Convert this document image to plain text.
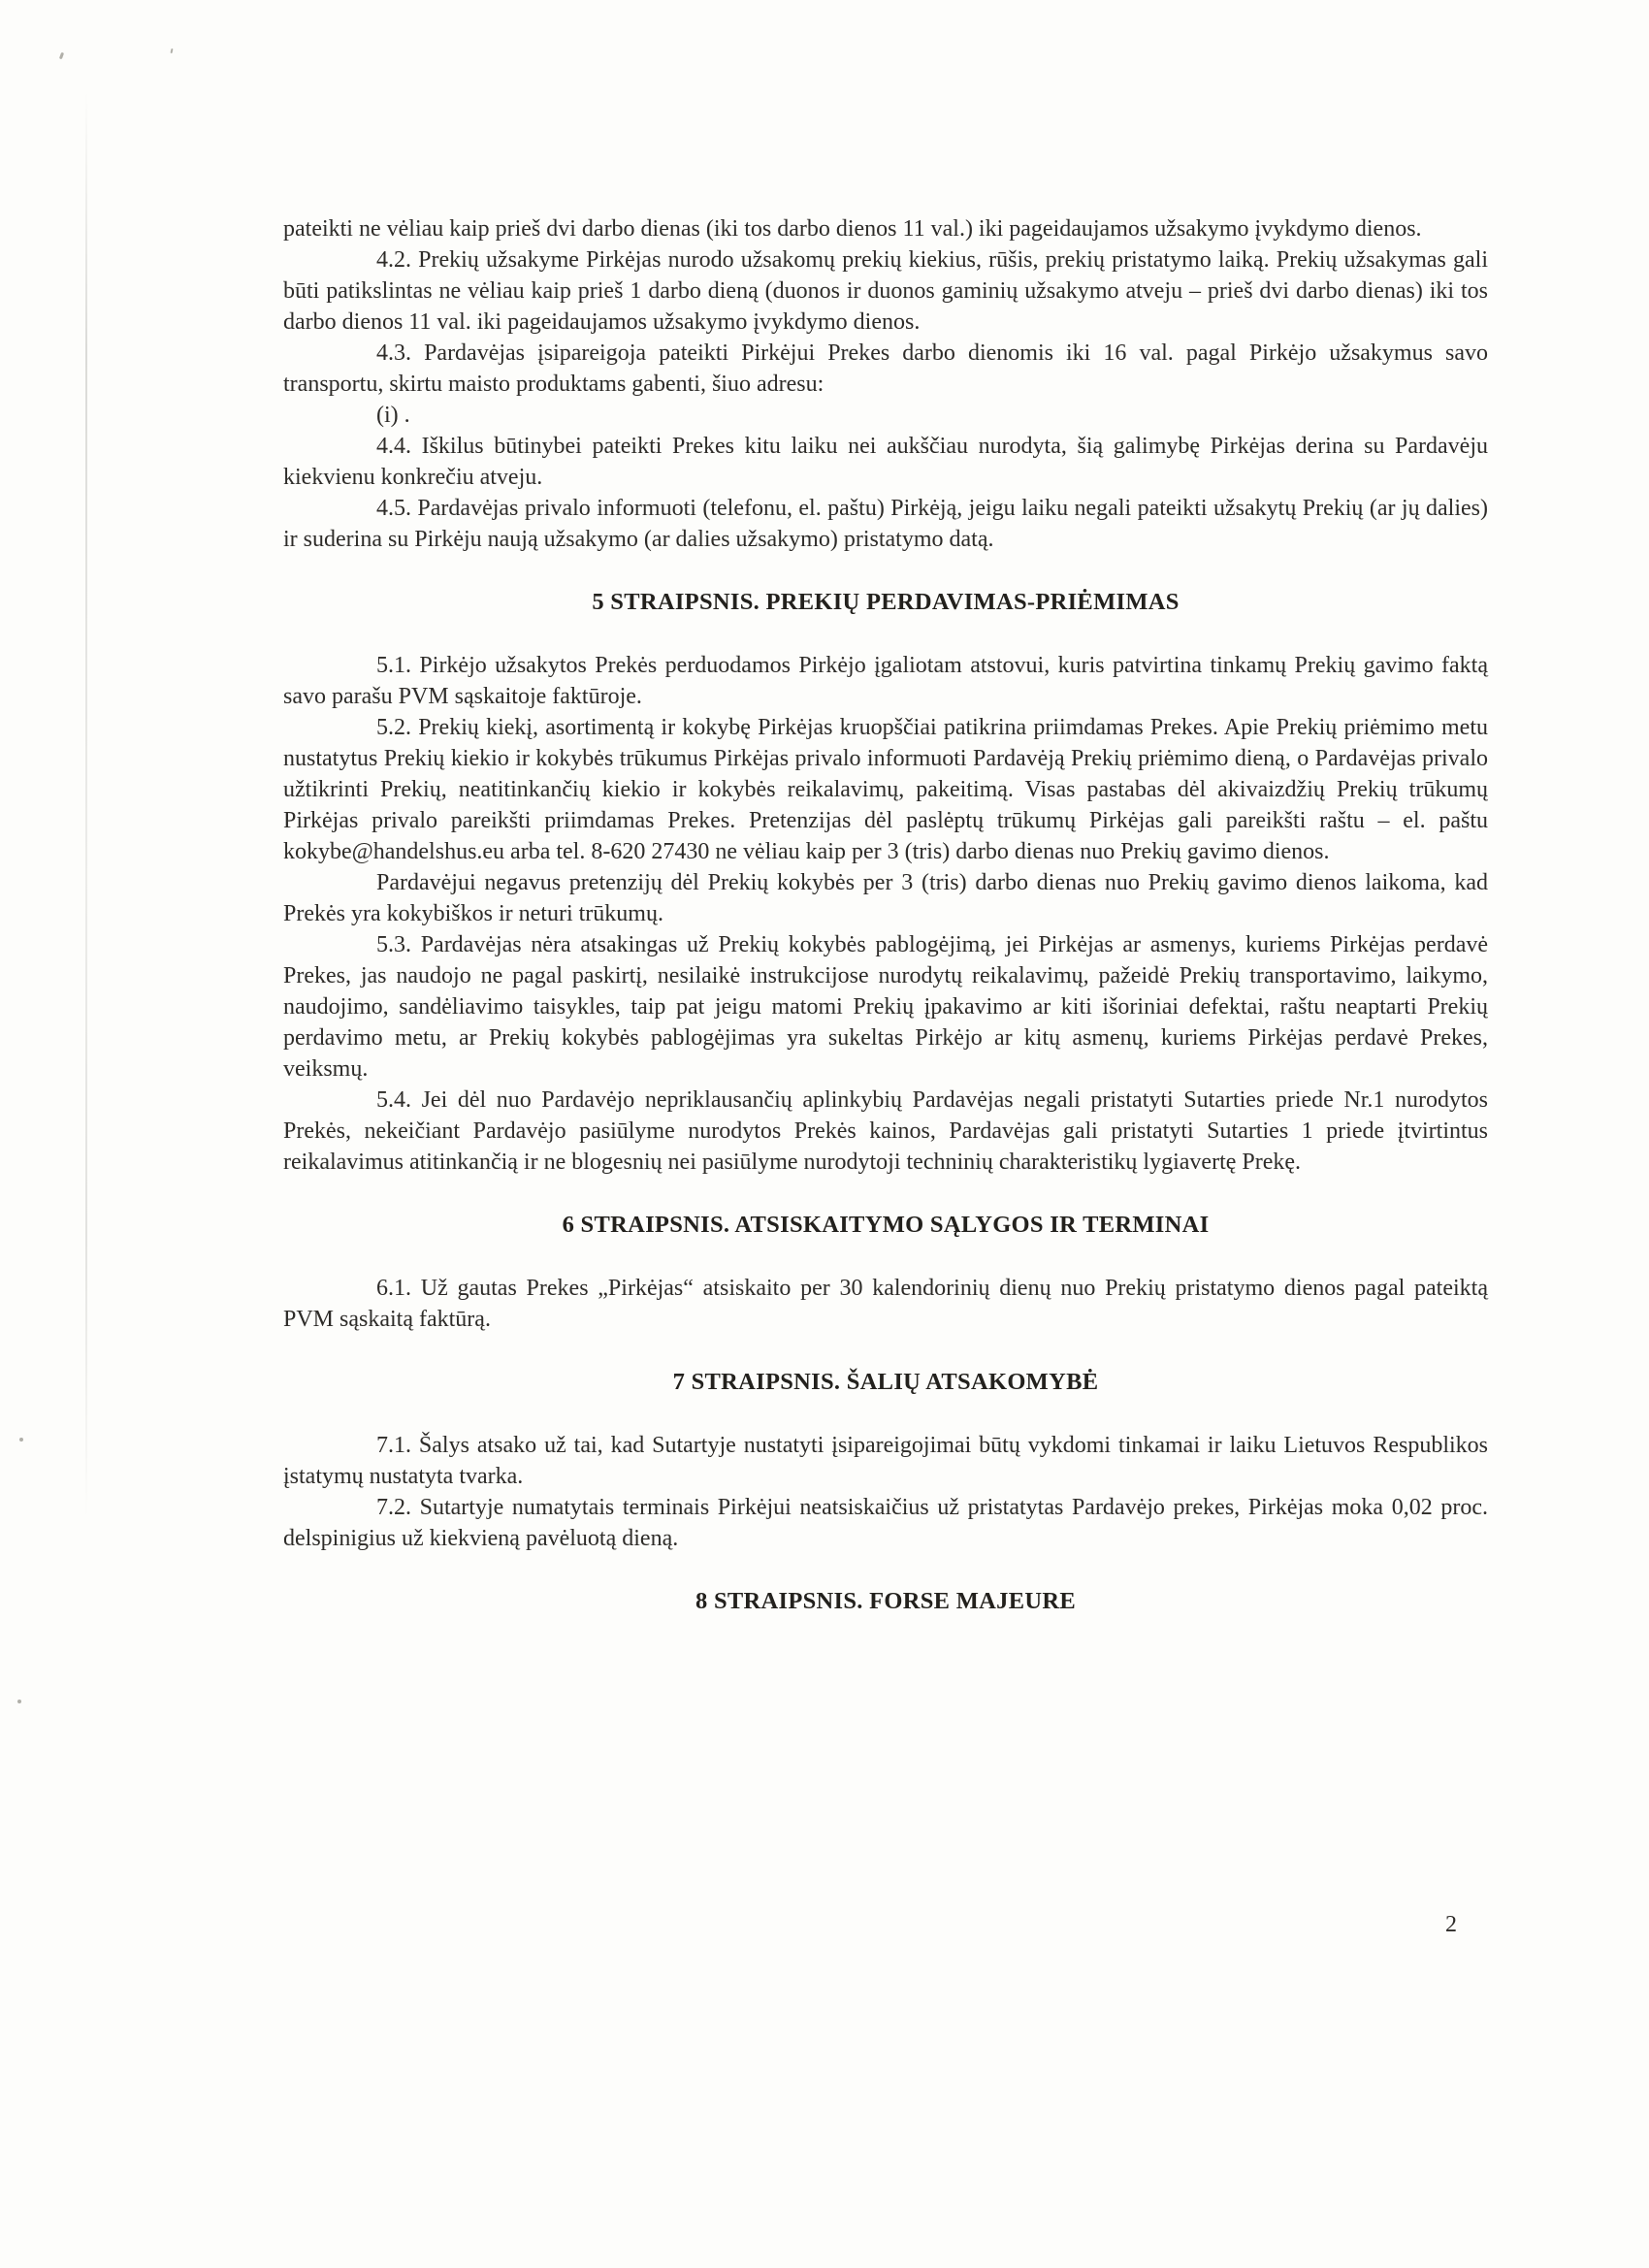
pateikti ne vėliau kaip prieš dvi darbo dienas (iki tos darbo dienos 11 val.) iki pageidaujamos užsakymo įvykdymo dienos.

4.2. Prekių užsakyme Pirkėjas nurodo užsakomų prekių kiekius, rūšis, prekių pristatymo laiką. Prekių užsakymas gali būti patikslintas ne vėliau kaip prieš 1 darbo dieną (duonos ir duonos gaminių užsakymo atveju – prieš dvi darbo dienas) iki tos darbo dienos 11 val. iki pageidaujamos užsakymo įvykdymo dienos.

4.3. Pardavėjas įsipareigoja pateikti Pirkėjui Prekes darbo dienomis iki 16 val. pagal Pirkėjo užsakymus savo transportu, skirtu maisto produktams gabenti, šiuo adresu:

(i) .

4.4. Iškilus būtinybei pateikti Prekes kitu laiku nei aukščiau nurodyta, šią galimybę Pirkėjas derina su Pardavėju kiekvienu konkrečiu atveju.

4.5. Pardavėjas privalo informuoti (telefonu, el. paštu) Pirkėją, jeigu laiku negali pateikti užsakytų Prekių (ar jų dalies) ir suderina su Pirkėju naują užsakymo (ar dalies užsakymo) pristatymo datą.

5 STRAIPSNIS. PREKIŲ PERDAVIMAS-PRIĖMIMAS

5.1. Pirkėjo užsakytos Prekės perduodamos Pirkėjo įgaliotam atstovui, kuris patvirtina tinkamų Prekių gavimo faktą savo parašu PVM sąskaitoje faktūroje.

5.2. Prekių kiekį, asortimentą ir kokybę Pirkėjas kruopščiai patikrina priimdamas Prekes. Apie Prekių priėmimo metu nustatytus Prekių kiekio ir kokybės trūkumus Pirkėjas privalo informuoti Pardavėją Prekių priėmimo dieną, o Pardavėjas privalo užtikrinti Prekių, neatitinkančių kiekio ir kokybės reikalavimų, pakeitimą. Visas pastabas dėl akivaizdžių Prekių trūkumų Pirkėjas privalo pareikšti priimdamas Prekes. Pretenzijas dėl paslėptų trūkumų Pirkėjas gali pareikšti raštu – el. paštu kokybe@handelshus.eu arba tel. 8-620 27430 ne vėliau kaip per 3 (tris) darbo dienas nuo Prekių gavimo dienos.

Pardavėjui negavus pretenzijų dėl Prekių kokybės per 3 (tris) darbo dienas nuo Prekių gavimo dienos laikoma, kad Prekės yra kokybiškos ir neturi trūkumų.

5.3. Pardavėjas nėra atsakingas už Prekių kokybės pablogėjimą, jei Pirkėjas ar asmenys, kuriems Pirkėjas perdavė Prekes, jas naudojo ne pagal paskirtį, nesilaikė instrukcijose nurodytų reikalavimų, pažeidė Prekių transportavimo, laikymo, naudojimo, sandėliavimo taisykles, taip pat jeigu matomi Prekių įpakavimo ar kiti išoriniai defektai, raštu neaptarti Prekių perdavimo metu, ar Prekių kokybės pablogėjimas yra sukeltas Pirkėjo ar kitų asmenų, kuriems Pirkėjas perdavė Prekes, veiksmų.

5.4. Jei dėl nuo Pardavėjo nepriklausančių aplinkybių Pardavėjas negali pristatyti Sutarties priede Nr.1 nurodytos Prekės, nekeičiant Pardavėjo pasiūlyme nurodytos Prekės kainos, Pardavėjas gali pristatyti Sutarties 1 priede įtvirtintus reikalavimus atitinkančią ir ne blogesnių nei pasiūlyme nurodytoji techninių charakteristikų lygiavertę Prekę.

6 STRAIPSNIS. ATSISKAITYMO SĄLYGOS IR TERMINAI

6.1. Už gautas Prekes „Pirkėjas“ atsiskaito per 30 kalendorinių dienų nuo Prekių pristatymo dienos pagal pateiktą PVM sąskaitą faktūrą.

7 STRAIPSNIS. ŠALIŲ ATSAKOMYBĖ

7.1. Šalys atsako už tai, kad Sutartyje nustatyti įsipareigojimai būtų vykdomi tinkamai ir laiku Lietuvos Respublikos įstatymų nustatyta tvarka.

7.2. Sutartyje numatytais terminais Pirkėjui neatsiskaičius už pristatytas Pardavėjo prekes, Pirkėjas moka 0,02 proc. delspinigius už kiekvieną pavėluotą dieną.

8 STRAIPSNIS. FORSE MAJEURE
2
